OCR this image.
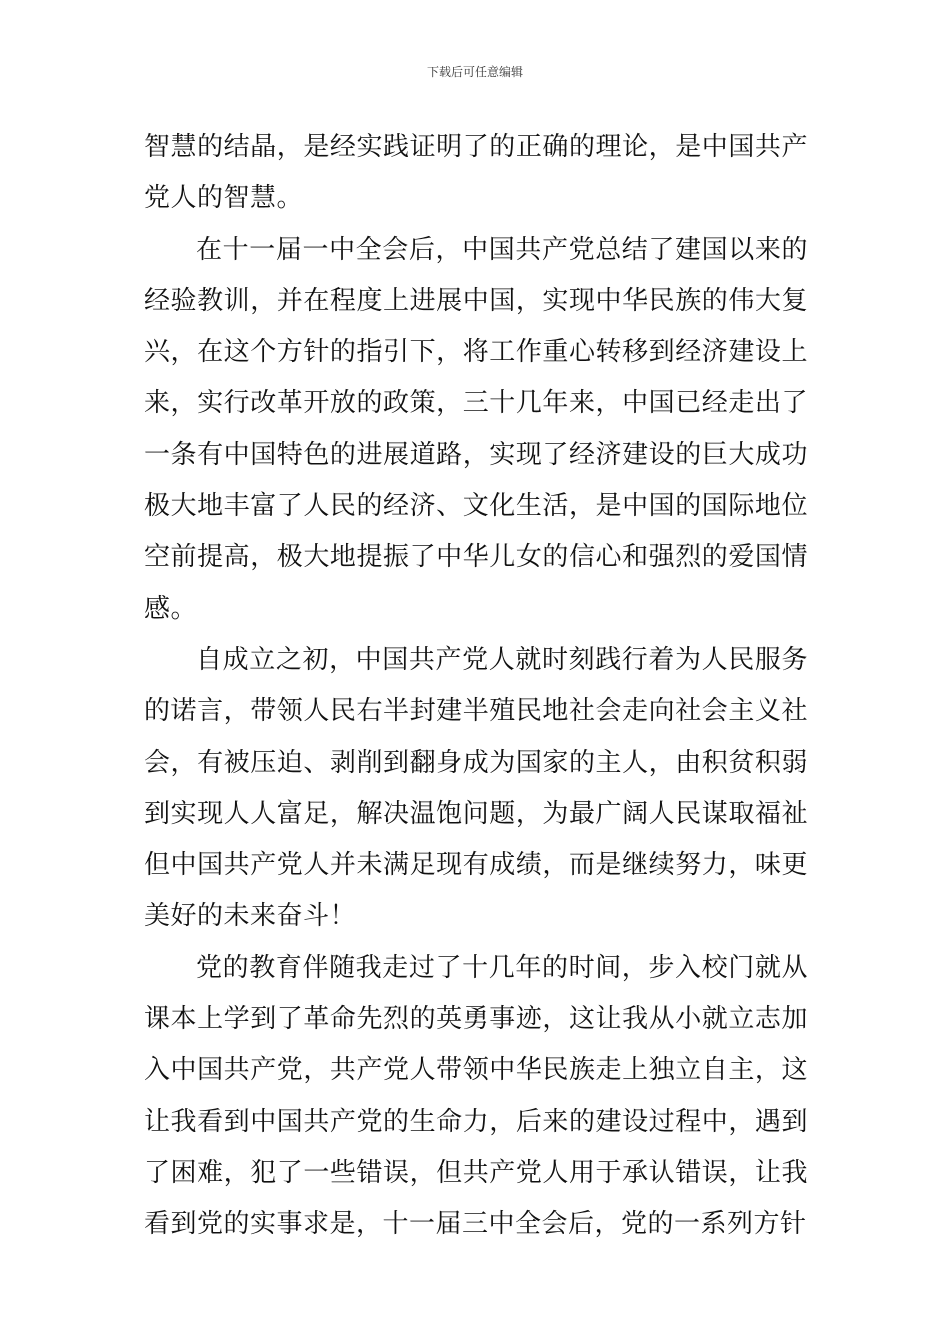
下载后可任意编辑

智慧的结晶，是经实践证明了的正确的理论，是中国共产党人的智慧。

在十一届一中全会后，中国共产党总结了建国以来的经验教训，并在程度上进展中国，实现中华民族的伟大复兴，在这个方针的指引下，将工作重心转移到经济建设上来，实行改革开放的政策，三十几年来，中国已经走出了一条有中国特色的进展道路，实现了经济建设的巨大成功极大地丰富了人民的经济、文化生活，是中国的国际地位空前提高，极大地提振了中华儿女的信心和强烈的爱国情感。

自成立之初，中国共产党人就时刻践行着为人民服务的诺言，带领人民右半封建半殖民地社会走向社会主义社会，有被压迫、剥削到翻身成为国家的主人，由积贫积弱到实现人人富足，解决温饱问题，为最广阔人民谋取福祉但中国共产党人并未满足现有成绩，而是继续努力，味更美好的未来奋斗！

党的教育伴随我走过了十几年的时间，步入校门就从课本上学到了革命先烈的英勇事迹，这让我从小就立志加入中国共产党，共产党人带领中华民族走上独立自主，这让我看到中国共产党的生命力，后来的建设过程中，遇到了困难，犯了一些错误，但共产党人用于承认错误，让我看到党的实事求是，十一届三中全会后，党的一系列方针
